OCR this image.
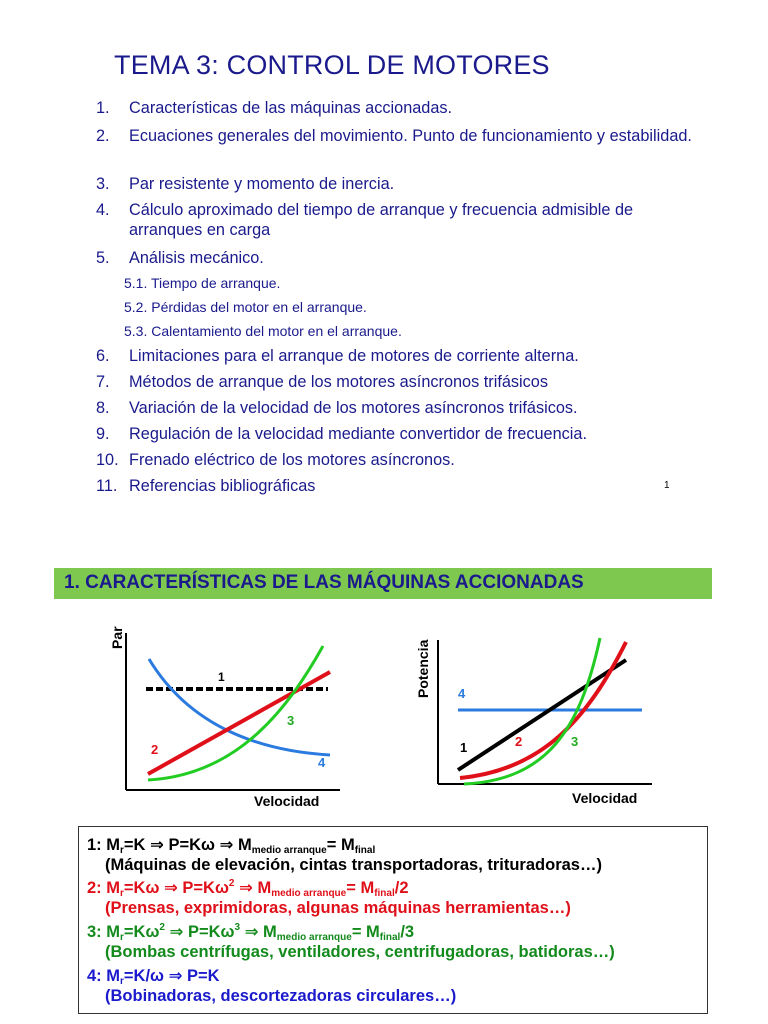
TEMA 3: CONTROL DE MOTORES
1. Características de las máquinas accionadas.
2. Ecuaciones generales del movimiento. Punto de funcionamiento y estabilidad.
3. Par resistente y momento de inercia.
4. Cálculo aproximado del tiempo de arranque y frecuencia admisible de arranques en carga
5. Análisis mecánico.
5.1. Tiempo de arranque.
5.2. Pérdidas del motor en el arranque.
5.3. Calentamiento del motor en el arranque.
6. Limitaciones para el arranque de motores de corriente alterna.
7. Métodos de arranque de los motores asíncronos trifásicos
8. Variación de la velocidad de los motores asíncronos trifásicos.
9. Regulación de la velocidad mediante convertidor de frecuencia.
10. Frenado eléctrico de los motores asíncronos.
11. Referencias bibliográficas	1
1. CARACTERÍSTICAS DE LAS MÁQUINAS ACCIONADAS
Par
Velocidad
1
2
3
4
Potencia
Velocidad
4
1	2	3
1: $M_r=K$ ⇒ P=Kω ⇒ $M_{medio arranque}= M_{final}$
(Máquinas de elevación, cintas transportadoras, trituradoras…)
2: $M_r=K\omega$ ⇒ $P=K\omega^2$ ⇒ $M_{medio arranque}= M_{final}/2$
(Prensas, exprimidoras, algunas máquinas herramientas…)
3: $M_r=K\omega^2$ ⇒ $P=K\omega^3$ ⇒ $M_{medio arranque}= M_{final}/3$
(Bombas centrífugas, ventiladores, centrifugadoras, batidoras…)
4: $M_r=K/\omega$ ⇒ P=K
(Bobinadoras, descortezadoras circulares…)
